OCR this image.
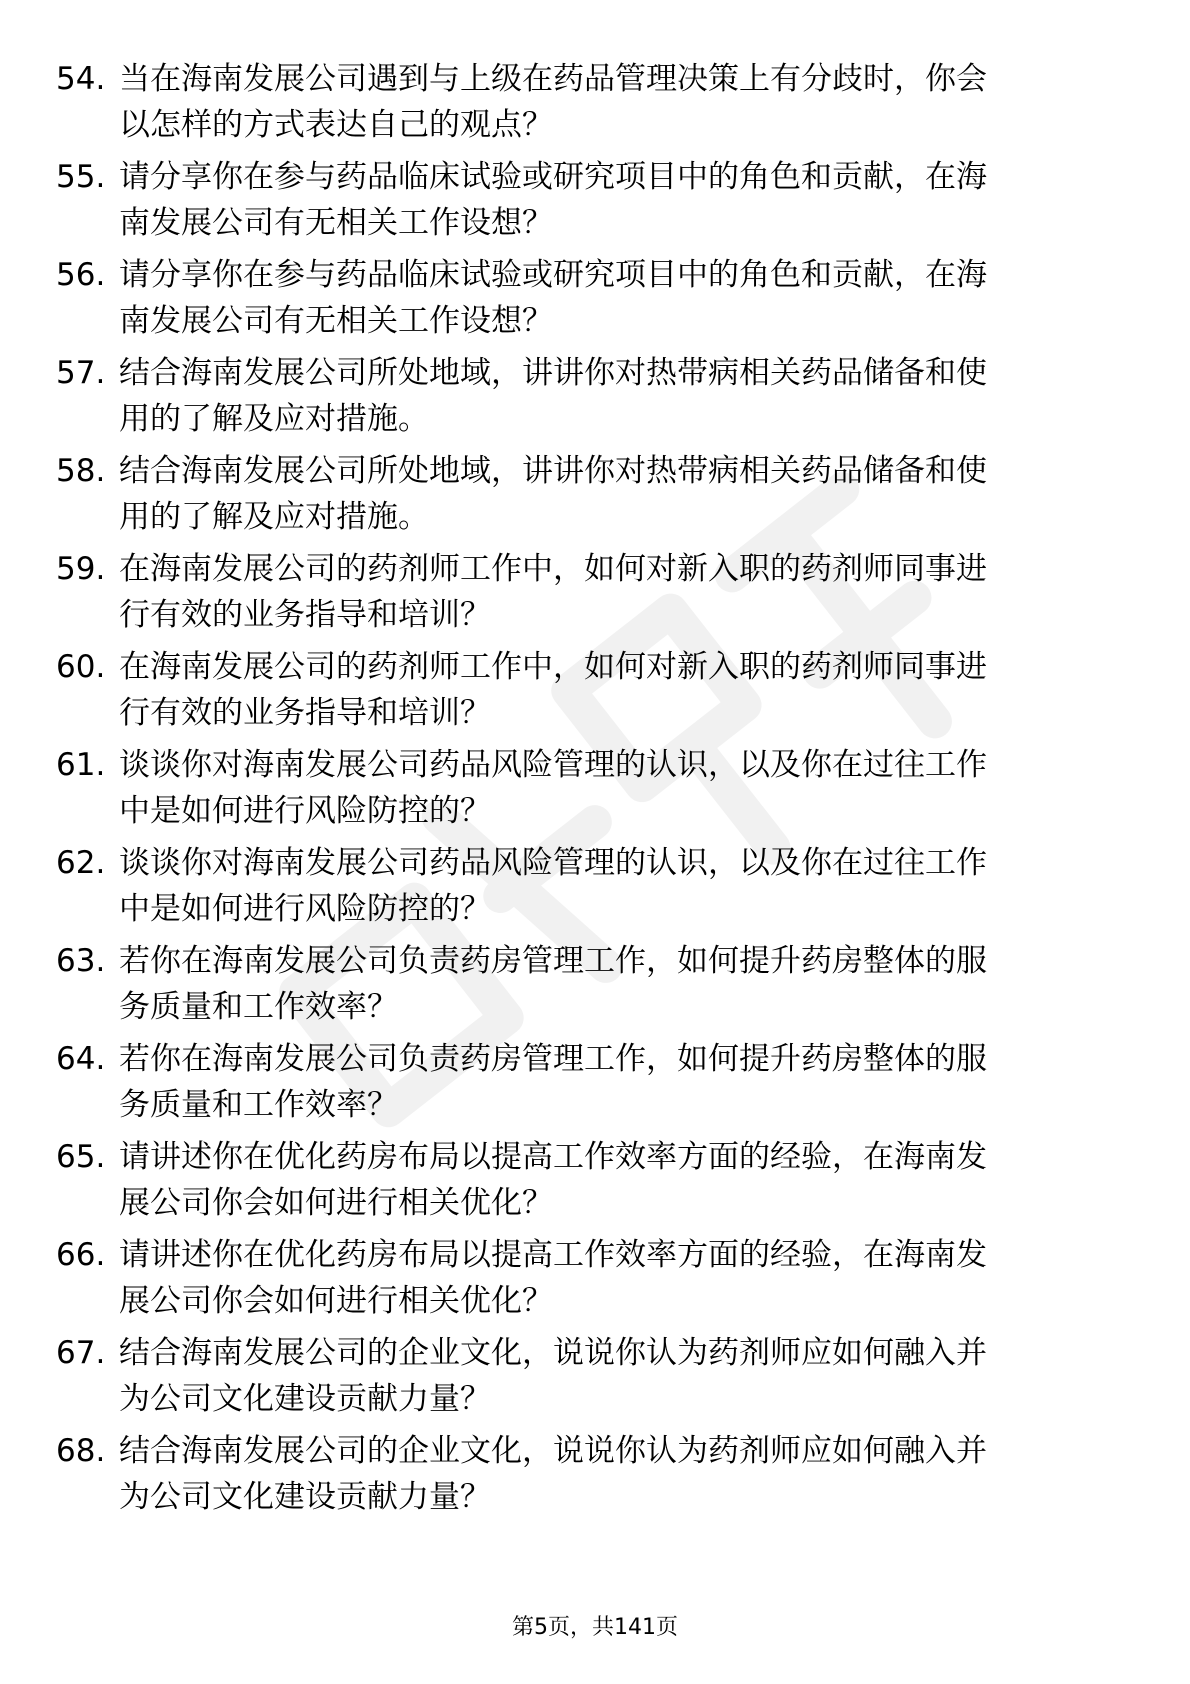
54. 当在海南发展公司遇到与上级在药品管理决策上有分歧时，你会
以怎样的方式表达自己的观点？
55. 请分享你在参与药品临床试验或研究项目中的角色和贡献，在海
南发展公司有无相关工作设想？
56. 请分享你在参与药品临床试验或研究项目中的角色和贡献，在海
南发展公司有无相关工作设想？
57. 结合海南发展公司所处地域，讲讲你对热带病相关药品储备和使
用的了解及应对措施。
58. 结合海南发展公司所处地域，讲讲你对热带病相关药品储备和使
用的了解及应对措施。
59. 在海南发展公司的药剂师工作中，如何对新入职的药剂师同事进
行有效的业务指导和培训？
60. 在海南发展公司的药剂师工作中，如何对新入职的药剂师同事进
行有效的业务指导和培训？
61. 谈谈你对海南发展公司药品风险管理的认识，以及你在过往工作
中是如何进行风险防控的？
62. 谈谈你对海南发展公司药品风险管理的认识，以及你在过往工作
中是如何进行风险防控的？
63. 若你在海南发展公司负责药房管理工作，如何提升药房整体的服
务质量和工作效率？
64. 若你在海南发展公司负责药房管理工作，如何提升药房整体的服
务质量和工作效率？
65. 请讲述你在优化药房布局以提高工作效率方面的经验，在海南发
展公司你会如何进行相关优化？
66. 请讲述你在优化药房布局以提高工作效率方面的经验，在海南发
展公司你会如何进行相关优化？
67. 结合海南发展公司的企业文化，说说你认为药剂师应如何融入并
为公司文化建设贡献力量？
68. 结合海南发展公司的企业文化，说说你认为药剂师应如何融入并
为公司文化建设贡献力量？
第5页，共141页
